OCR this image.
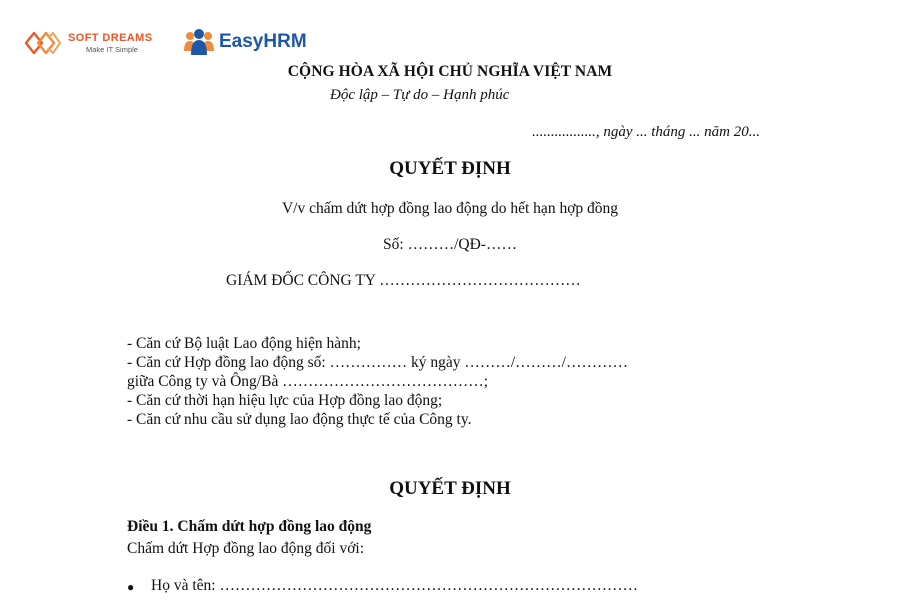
SOFT DREAMS
Make IT Simple	EasyHRM
CỘNG HÒA XÃ HỘI CHỦ NGHĨA VIỆT NAM
Độc lập – Tự do – Hạnh phúc
................., ngày ... tháng ... năm 20...
QUYẾT ĐỊNH
V/v chấm dứt hợp đồng lao động do hết hạn hợp đồng
Số: ………/QĐ-……
GIÁM ĐỐC CÔNG TY …………………………………
- Căn cứ Bộ luật Lao động hiện hành;
- Căn cứ Hợp đồng lao động số: …………… ký ngày ………/………/…………
giữa Công ty và Ông/Bà …………………………………;
- Căn cứ thời hạn hiệu lực của Hợp đồng lao động;
- Căn cứ nhu cầu sử dụng lao động thực tế của Công ty.
QUYẾT ĐỊNH
Điều 1. Chấm dứt hợp đồng lao động
Chấm dứt Hợp đồng lao động đối với:
●	Họ và tên: ………………………………………………………………………
